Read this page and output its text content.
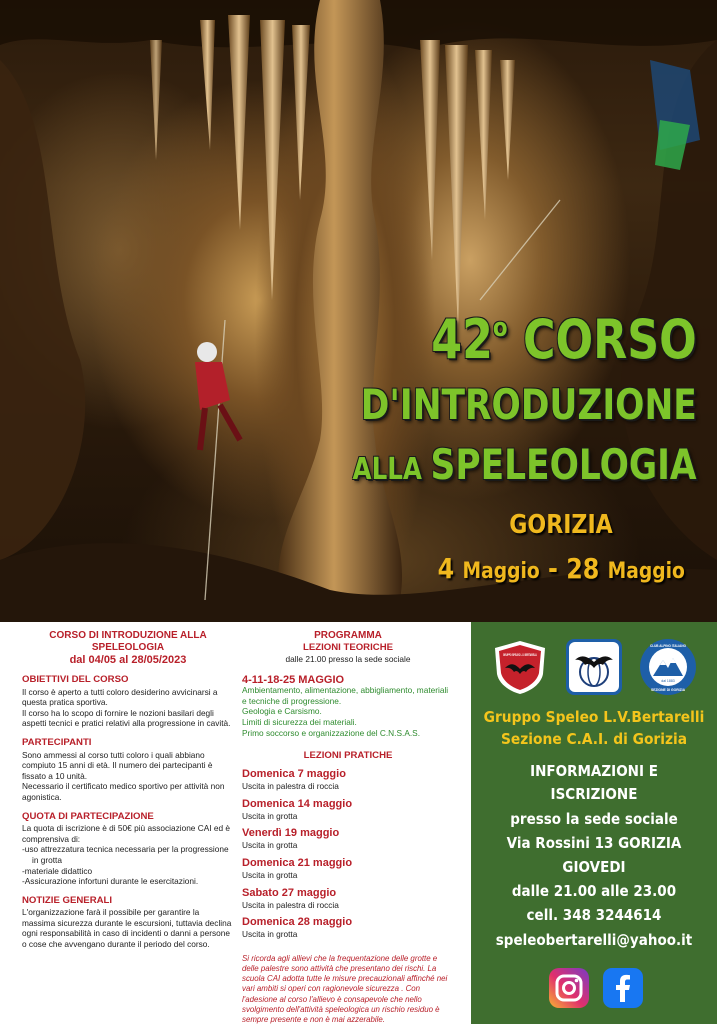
42$^o$ CORSO
D'INTRODUZIONE
ALLA SPELEOLOGIA
GORIZIA
4 Maggio - 28 Maggio

CORSO DI INTRODUZIONE ALLA

SPELEOLOGIA

dal 04/05 al 28/05/2023

OBIETTIVI DEL CORSO

Il corso è aperto a tutti coloro desiderino avvicinarsi a questa pratica sportiva.

Il corso ha lo scopo di fornire le nozioni basilari degli aspetti tecnici e pratici relativi alla progressione in cavità.

PARTECIPANTI

Sono ammessi al corso tutti coloro i quali abbiano compiuto 15 anni di età. Il numero dei partecipanti è fissato a 10 unità.

Necessario il certificato medico sportivo per attività non agonistica.

QUOTA DI PARTECIPAZIONE

La quota di iscrizione è di 50€ più associazione CAI ed è comprensiva di:

-uso attrezzatura tecnica necessaria per la progressione in grotta

-materiale didattico

-Assicurazione infortuni durante le esercitazioni.

NOTIZIE GENERALI

L'organizzazione farà il possibile per garantire la massima sicurezza durante le escursioni, tuttavia declina ogni responsabilità in caso di incidenti o danni a persone o cose che avvengano durante il periodo del corso.

PROGRAMMA

LEZIONI TEORICHE

dalle 21.00 presso la sede sociale

4-11-18-25 MAGGIO

Ambientamento, alimentazione, abbigliamento, materiali e tecniche di progressione.

Geologia e Carsismo.

Limiti di sicurezza dei materiali.

Primo soccorso e organizzazione del C.N.S.A.S.

LEZIONI PRATICHE

Domenica 7 maggio
Uscita in palestra di roccia
Domenica 14 maggio
Uscita in grotta
Venerdì 19 maggio
Uscita in grotta
Domenica 21 maggio
Uscita in grotta
Sabato 27 maggio
Uscita in palestra di roccia
Domenica 28 maggio
Uscita in grotta

Si ricorda agli allievi che la frequentazione delle grotte e delle palestre sono attività che presentano dei rischi. La scuola CAI adotta tutte le misure precauzionali affinché nei vari ambiti si operi con ragionevole sicurezza . Con l'adesione al corso l'allievo è consapevole che nello svolgimento dell'attività speleologica un rischio residuo è sempre presente e non è mai azzerabile.

GRUPPO SPELEO L.V. BERTARELLI
CLUB ALPINO ITALIANO
SEZIONE DI GORIZIA
dal 1883
Gruppo Speleo L.V.Bertarelli
Sezione C.A.I. di Gorizia
INFORMAZIONI E
ISCRIZIONE
presso la sede sociale
Via Rossini 13 GORIZIA
GIOVEDI
dalle 21.00 alle 23.00
cell. 348 3244614
speleobertarelli@yahoo.it
